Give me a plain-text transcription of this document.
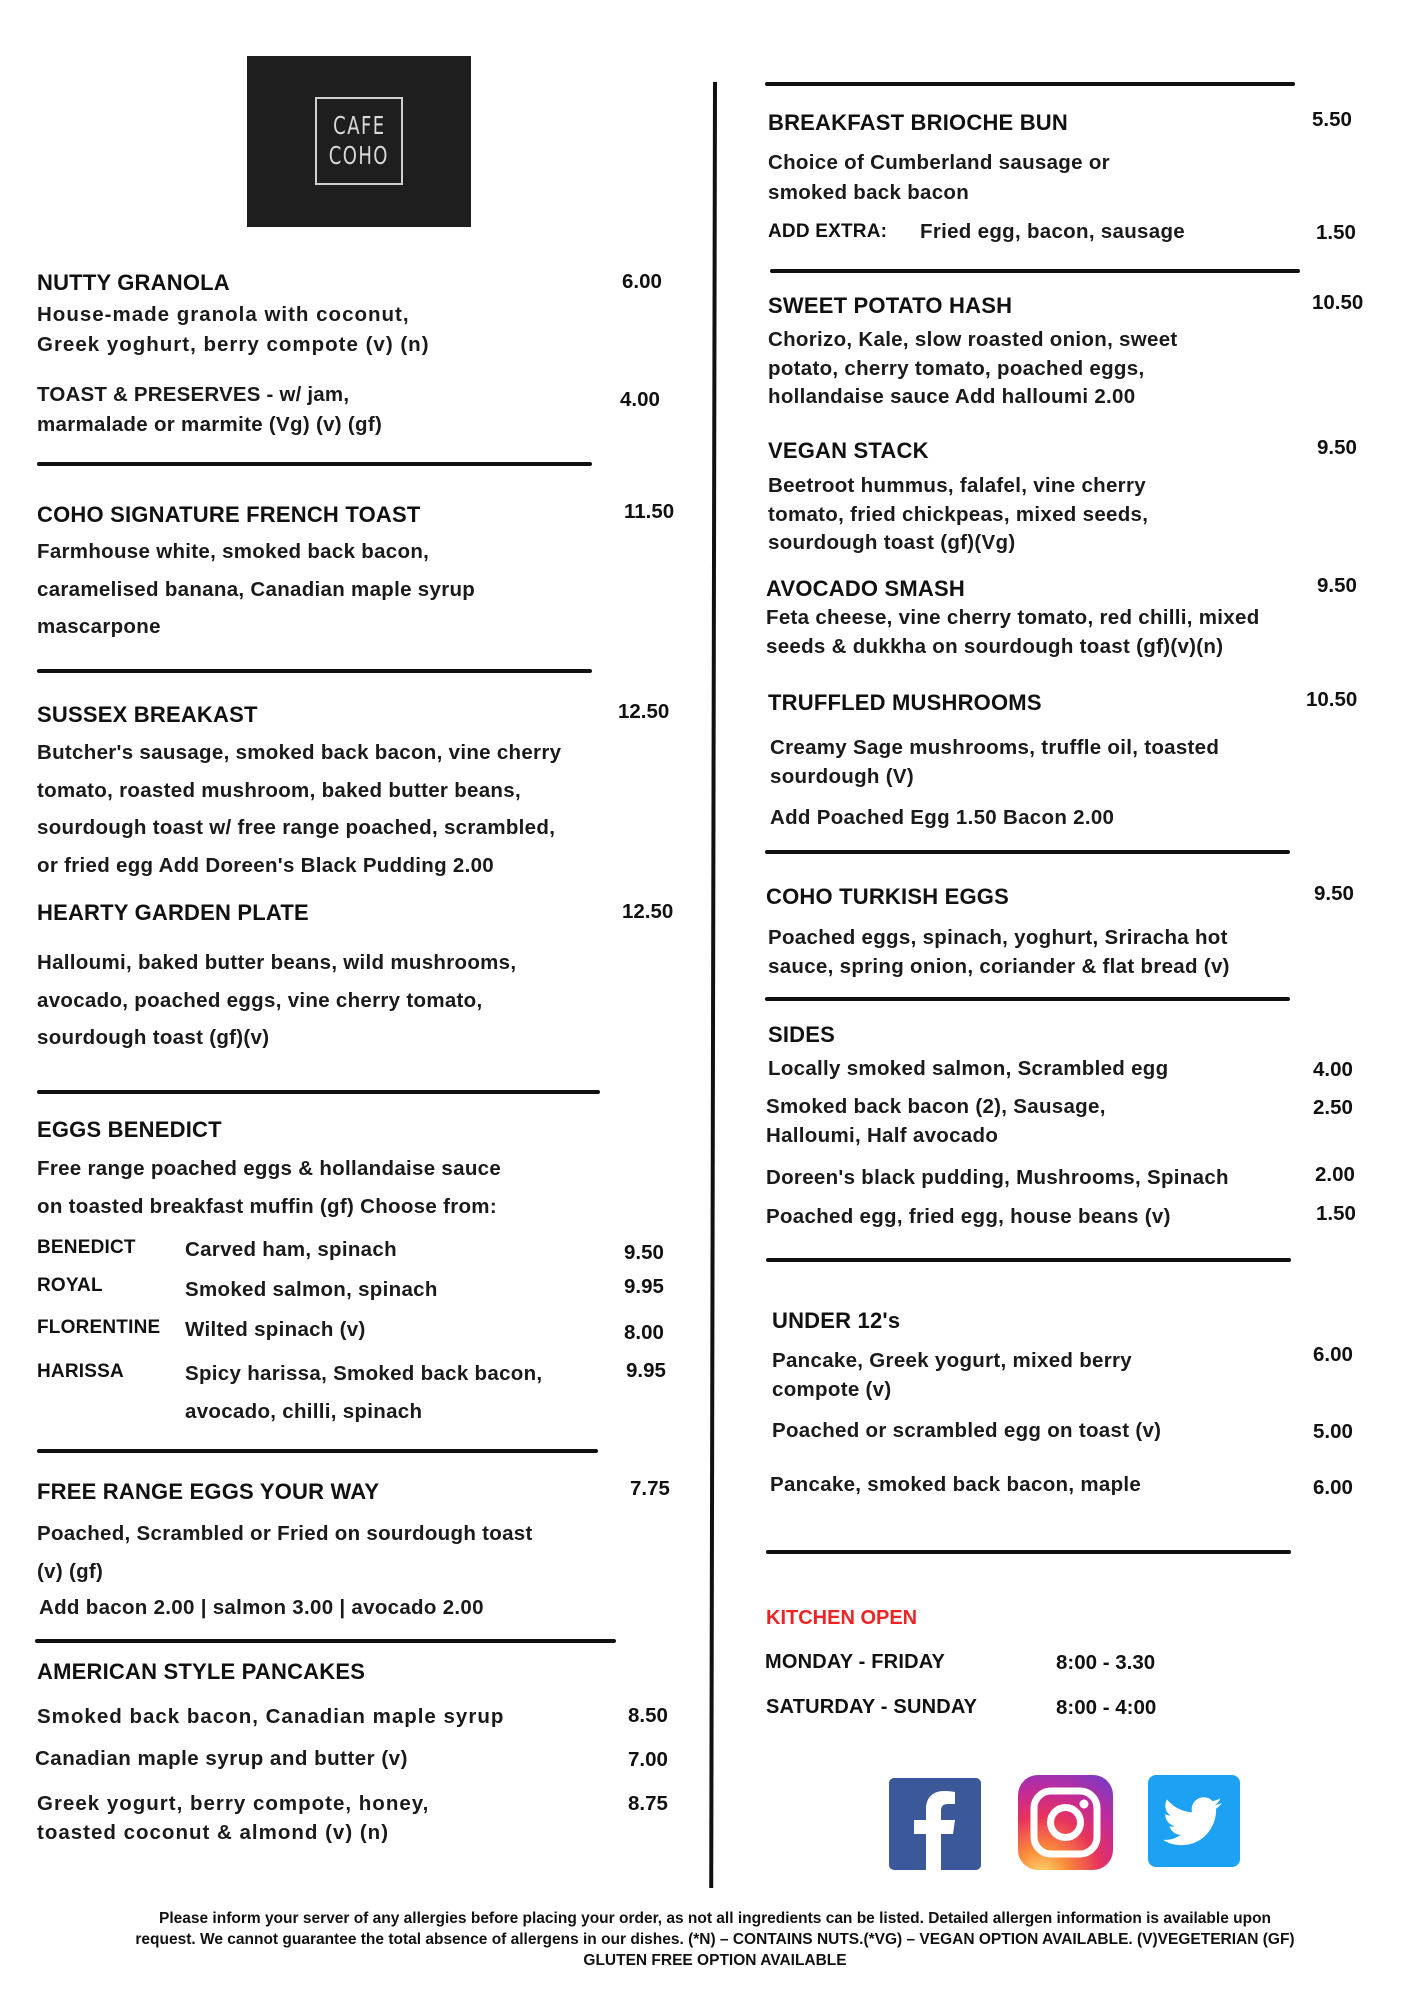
CAFE
COHO
NUTTY GRANOLA	6.00
House-made granola with coconut,
Greek yoghurt, berry compote (v) (n)
TOAST & PRESERVES - w/ jam,
marmalade or marmite (Vg) (v) (gf)
4.00
COHO SIGNATURE FRENCH TOAST	11.50
Farmhouse white, smoked back bacon,
caramelised banana, Canadian maple syrup
mascarpone
SUSSEX BREAKAST	12.50
Butcher's sausage, smoked back bacon, vine cherry
tomato, roasted mushroom, baked butter beans,
sourdough toast w/ free range poached, scrambled,
or fried egg Add Doreen's Black Pudding 2.00
HEARTY GARDEN PLATE	12.50
Halloumi, baked butter beans, wild mushrooms,
avocado, poached eggs, vine cherry tomato,
sourdough toast (gf)(v)
EGGS BENEDICT
Free range poached eggs & hollandaise sauce
on toasted breakfast muffin (gf) Choose from:
BENEDICT Carved ham, spinach	9.50
ROYAL	Smoked salmon, spinach	9.95
FLORENTINE Wilted spinach (v)	8.00
HARISSA	Spicy harissa, Smoked back bacon,
avocado, chilli, spinach
9.95
FREE RANGE EGGS YOUR WAY	7.75
Poached, Scrambled or Fried on sourdough toast
(v) (gf)
Add bacon 2.00 | salmon 3.00 | avocado 2.00
AMERICAN STYLE PANCAKES
Smoked back bacon, Canadian maple syrup	8.50
Canadian maple syrup and butter (v)	7.00
Greek yogurt, berry compote, honey,
toasted coconut & almond (v) (n)
8.75
BREAKFAST BRIOCHE BUN	5.50
Choice of Cumberland sausage or
smoked back bacon
ADD EXTRA: Fried egg, bacon, sausage	1.50
SWEET POTATO HASH	10.50
Chorizo, Kale, slow roasted onion, sweet
potato, cherry tomato, poached eggs,
hollandaise sauce Add halloumi 2.00
VEGAN STACK	9.50
Beetroot hummus, falafel, vine cherry
tomato, fried chickpeas, mixed seeds,
sourdough toast (gf)(Vg)
AVOCADO SMASH	9.50
Feta cheese, vine cherry tomato, red chilli, mixed
seeds & dukkha on sourdough toast (gf)(v)(n)
TRUFFLED MUSHROOMS	10.50
Creamy Sage mushrooms, truffle oil, toasted
sourdough (V)
Add Poached Egg 1.50 Bacon 2.00
COHO TURKISH EGGS	9.50
Poached eggs, spinach, yoghurt, Sriracha hot
sauce, spring onion, coriander & flat bread (v)
SIDES
Locally smoked salmon, Scrambled egg	4.00
Smoked back bacon (2), Sausage,
Halloumi, Half avocado
2.50
Doreen's black pudding, Mushrooms, Spinach	2.00
Poached egg, fried egg, house beans (v)	1.50
UNDER 12's
Pancake, Greek yogurt, mixed berry
compote (v)
6.00
Poached or scrambled egg on toast (v)	5.00
Pancake, smoked back bacon, maple	6.00
KITCHEN OPEN
MONDAY - FRIDAY	8:00 - 3.30
SATURDAY - SUNDAY	8:00 - 4:00
Please inform your server of any allergies before placing your order, as not all ingredients can be listed. Detailed allergen information is available upon
request. We cannot guarantee the total absence of allergens in our dishes. (*N) – CONTAINS NUTS.(*VG) – VEGAN OPTION AVAILABLE. (V)VEGETERIAN (GF)
GLUTEN FREE OPTION AVAILABLE
